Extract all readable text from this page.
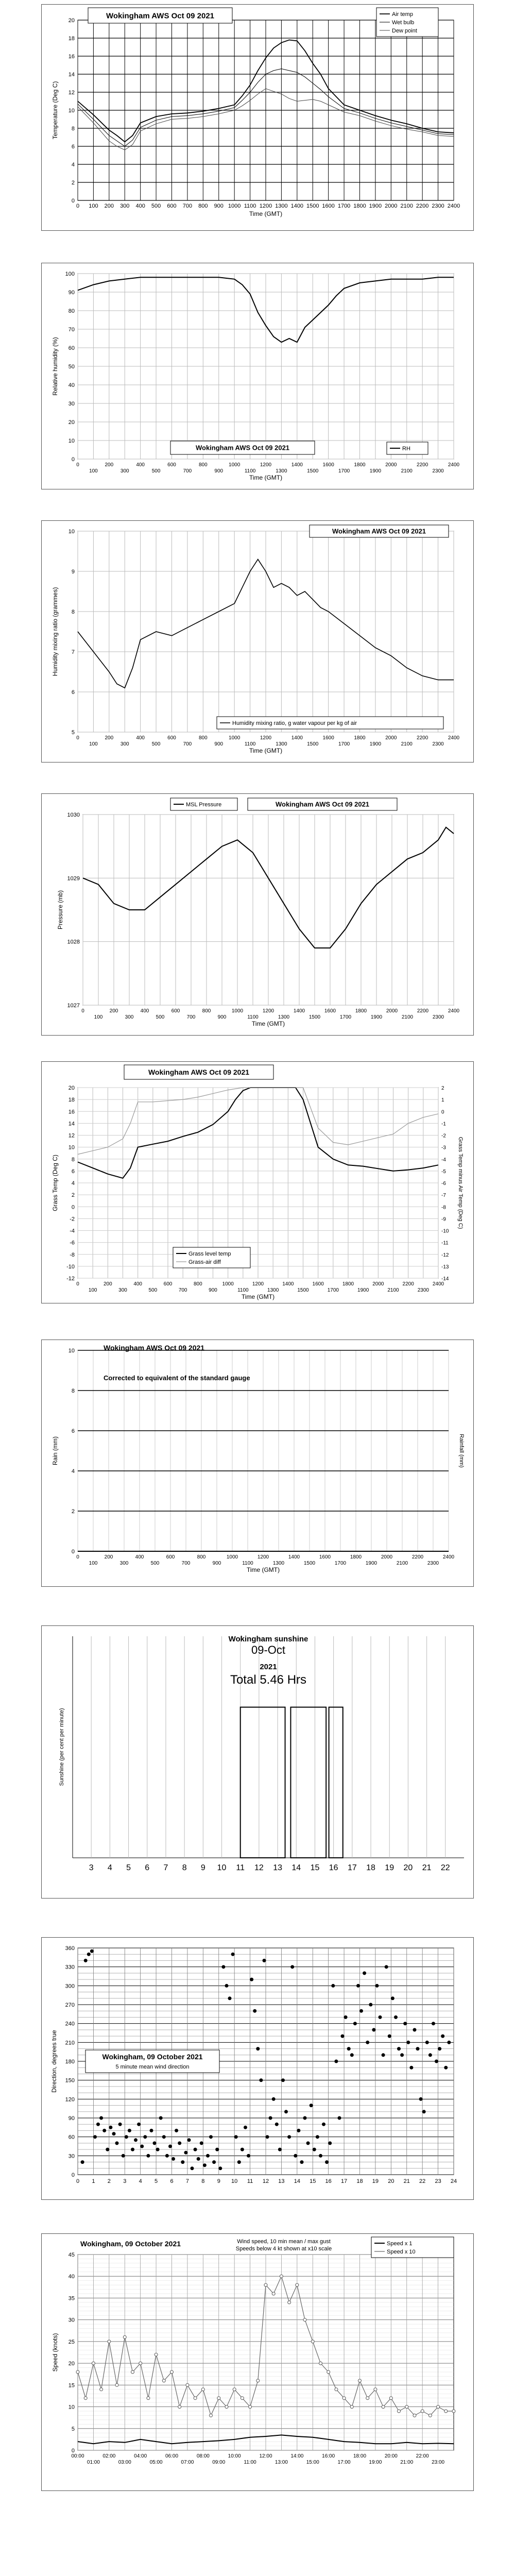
0 100 200 300 400 500 600 700 800 900 1000 1100 1200 1300 1400 1500 1600 1700 1800 1900 2000 2100 2200 2300 2400
Time (GMT)
0
2
4
6
8
10
12
14
16
18
20
Temperature (Deg C)
Wokingham AWS Oct 09 2021	Air temp
Wet bulb
Dew point
0
100
200
300
400
500
600
700
800
900
1000
1100
1200
1300
1400
1500
1600
1700
1800
1900
2000
2100
2200
2300
2400
Time (GMT)
0
10
20
30
40
50
60
70
80
90
100
Relative humidity (%)
Wokingham AWS Oct 09 2021	RH
0
100
200
300
400
500
600
700
800
900
1000
1100
1200
1300
1400
1500
1600
1700
1800
1900
2000
2100
2200
2300
2400
Time (GMT)
5
6
7
8
9
10
Humidity mixing ratio (grammes)
Wokingham AWS Oct 09 2021
Humidity mixing ratio, g water vapour per kg of air
0
100
200
300
400
500
600
700
800
900
1000
1100
1200
1300
1400
1500
1600
1700
1800
1900
2000
2100
2200
2300
2400
Time (GMT)
1027
1028
1029
1030
Pressure (mb)
MSL Pressure	Wokingham AWS Oct 09 2021
0
100
200
300
400
500
600
700
800
900
1000
1100
1200
1300
1400
1500
1600
1700
1800
1900
2000
2100
2200
2300
2400
Time (GMT)
-12
-10
-8
-6
-4
-2
0
2
4
6
8
10
12
14
16
18
20
Grass Temp (Deg C)
-14
-13
-12
-11
-10
-9
-8
-7
-6
-5
-4
-3
-2
-1
0
1
2
Grass Temp minus Air Temp (Deg C)
Wokingham AWS Oct 09 2021
Grass level temp
Grass-air diff
0
100
200
300
400
500
600
700
800
900
1000
1100
1200
1300
1400
1500
1600
1700
1800
1900
2000
2100
2200
2300
2400
Time (GMT)
0
2
4
6
8
10
Rain (mm)	Rainfall (mm)
Wokingham AWS Oct 09 2021
Corrected to equivalent of the standard gauge
3 4 5 6 7 8 9 10 11 12 13 14 15 16 17 18 19 20 21 22
Sunshine (per cent per minute)
Wokingham sunshine
09-Oct
2021
Total 5.46 Hrs
0 1 2 3 4 5 6 7 8 9 10 11 12 13 14 15 16 17 18 19 20 21 22 23 24
0
30
60
90
120
150
180
210
240
270
300
330
360
Direction, degrees true	Wokingham, 09 October 2021
5 minute mean wind direction
00:00
01:00
02:00
03:00
04:00
05:00
06:00
07:00
08:00
09:00
10:00
11:00
12:00
13:00
14:00
15:00
16:00
17:00
18:00
19:00
20:00
21:00
22:00
23:00
0
5
10
15
20
25
30
35
40
45
Speed (knots)
Wokingham, 09 October 2021	Wind speed, 10 min mean / max gust
Speeds below 4 kt shown at x10 scale
Speed x 1
Speed x 10
